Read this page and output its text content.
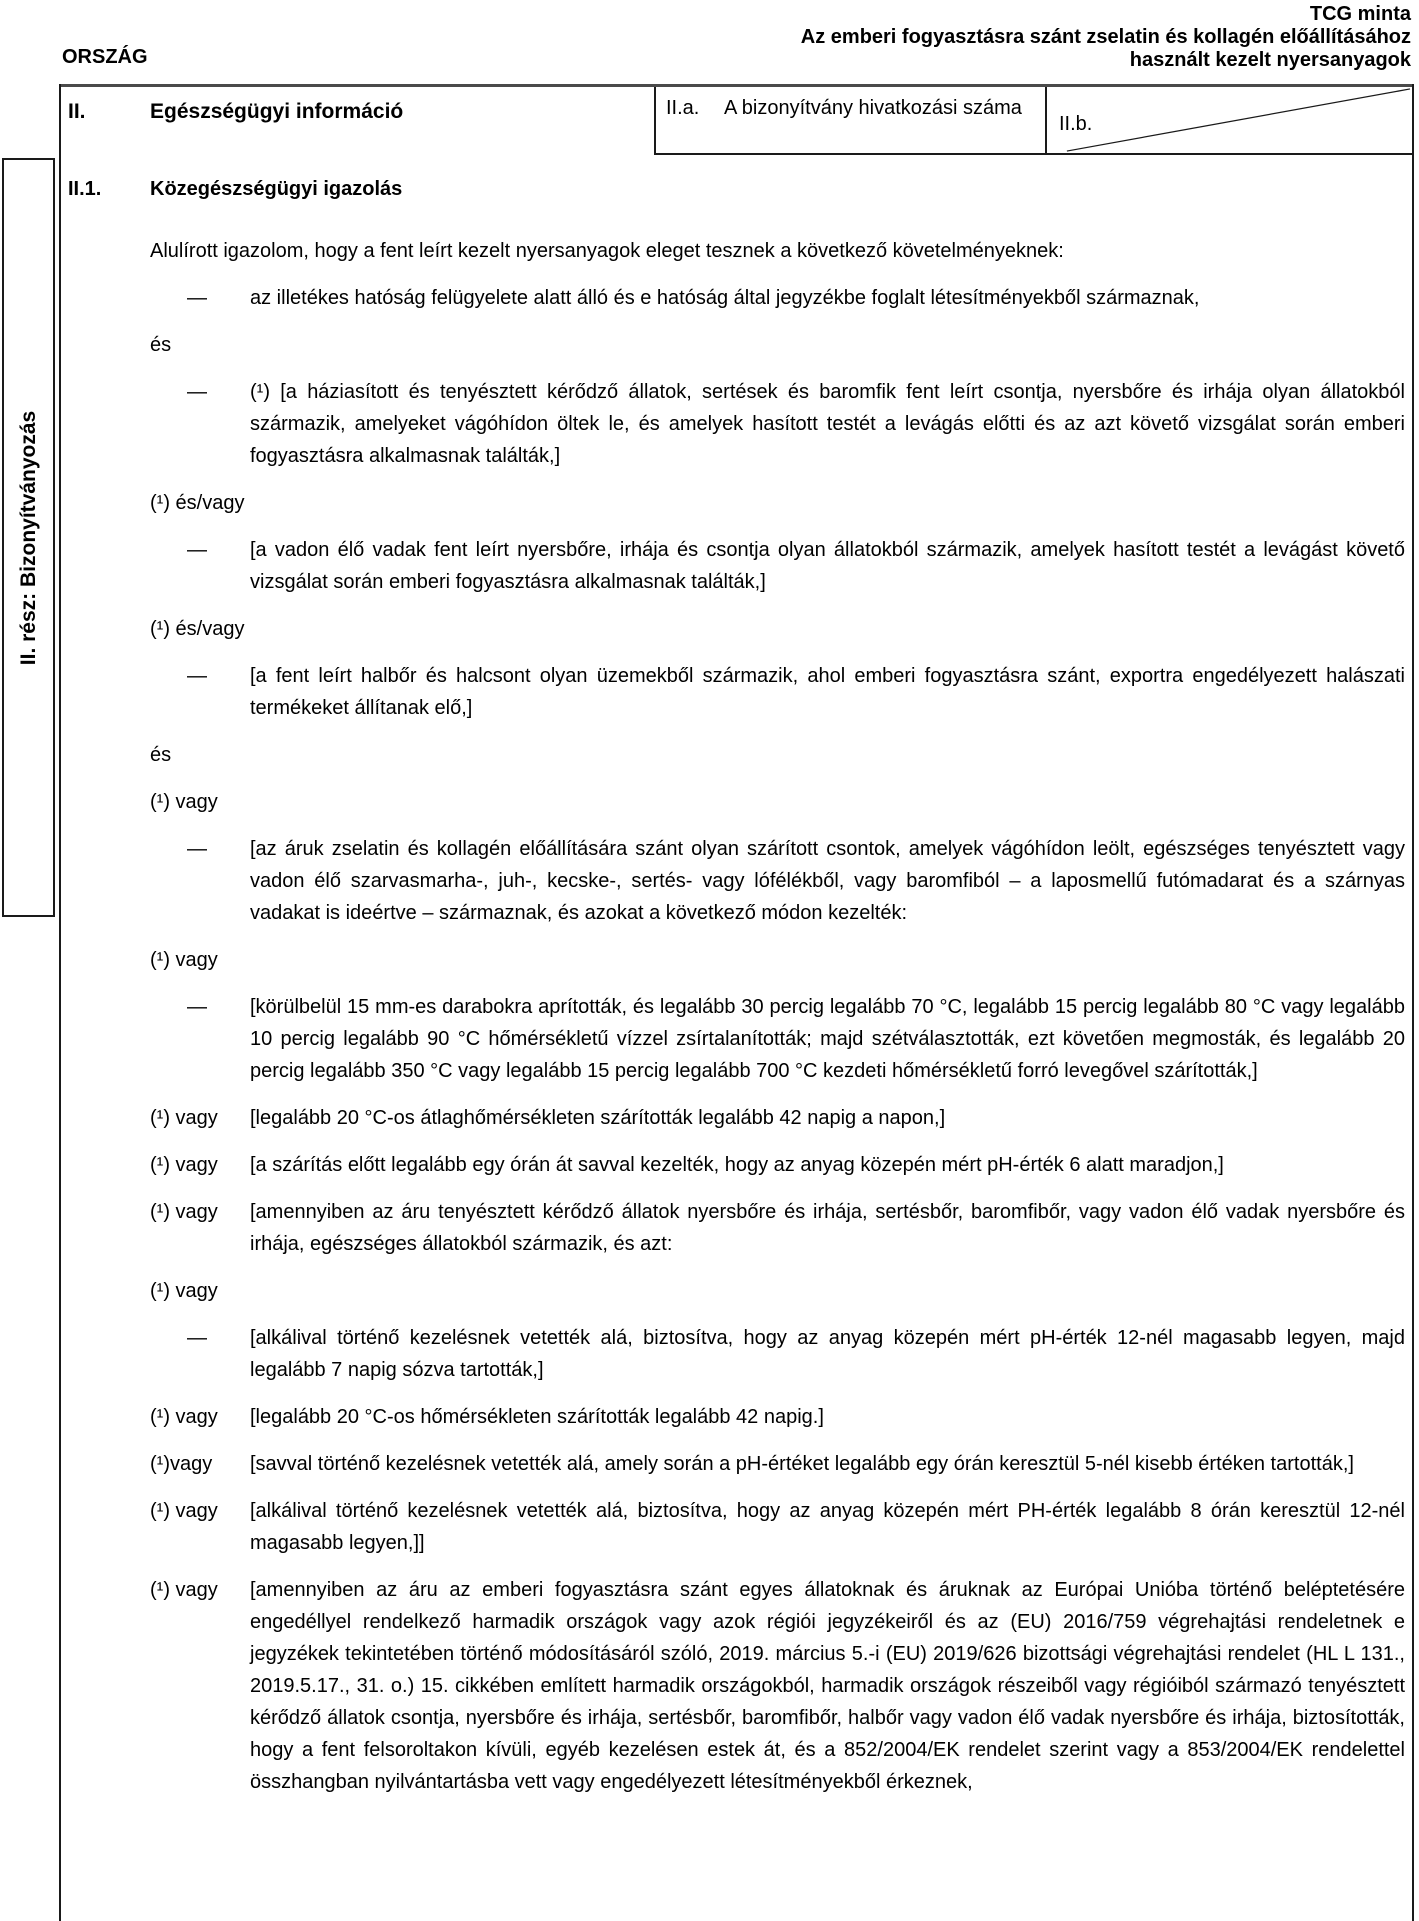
TCG minta
Az emberi fogyasztásra szánt zselatin és kollagén előállításához
használt kezelt nyersanyagok
ORSZÁG
II.	Egészségügyi információ	II.a.	A bizonyítvány hivatkozási száma
II.b.
II. rész: Bizonyítványozás
II.1.	Közegészségügyi igazolás
Alulírott igazolom, hogy a fent leírt kezelt nyersanyagok eleget tesznek a következő követelményeknek:
—	az illetékes hatóság felügyelete alatt álló és e hatóság által jegyzékbe foglalt létesítményekből származnak,
és
—	(¹) [a háziasított és tenyésztett kérődző állatok, sertések és baromfik fent leírt csontja, nyersbőre és irhája olyan állatokból származik, amelyeket vágóhídon öltek le, és amelyek hasított testét a levágás előtti és az azt követő vizsgálat során emberi fogyasztásra alkalmasnak találták,]
(¹) és/vagy
—	[a vadon élő vadak fent leírt nyersbőre, irhája és csontja olyan állatokból származik, amelyek hasított testét a levágást követő vizsgálat során emberi fogyasztásra alkalmasnak találták,]
(¹) és/vagy
—	[a fent leírt halbőr és halcsont olyan üzemekből származik, ahol emberi fogyasztásra szánt, exportra engedélyezett halászati termékeket állítanak elő,]
és
(¹) vagy
—	[az áruk zselatin és kollagén előállítására szánt olyan szárított csontok, amelyek vágóhídon leölt, egészséges tenyésztett vagy vadon élő szarvasmarha-, juh-, kecske-, sertés- vagy lófélékből, vagy baromfiból – a laposmellű futómadarat és a szárnyas vadakat is ideértve – származnak, és azokat a következő módon kezelték:
(¹) vagy
—	[körülbelül 15 mm-es darabokra aprították, és legalább 30 percig legalább 70 °C, legalább 15 percig legalább 80 °C vagy legalább 10 percig legalább 90 °C hőmérsékletű vízzel zsírtalanították; majd szétválasztották, ezt követően megmosták, és legalább 20 percig legalább 350 °C vagy legalább 15 percig legalább 700 °C kezdeti hőmérsékletű forró levegővel szárították,]
(¹) vagy	[legalább 20 °C-os átlaghőmérsékleten szárították legalább 42 napig a napon,]
(¹) vagy	[a szárítás előtt legalább egy órán át savval kezelték, hogy az anyag közepén mért pH-érték 6 alatt maradjon,]
(¹) vagy	[amennyiben az áru tenyésztett kérődző állatok nyersbőre és irhája, sertésbőr, baromfibőr, vagy vadon élő vadak nyersbőre és irhája, egészséges állatokból származik, és azt:
(¹) vagy
—	[alkálival történő kezelésnek vetették alá, biztosítva, hogy az anyag közepén mért pH-érték 12-nél magasabb legyen, majd legalább 7 napig sózva tartották,]
(¹) vagy	[legalább 20 °C-os hőmérsékleten szárították legalább 42 napig.]
(¹)vagy	[savval történő kezelésnek vetették alá, amely során a pH-értéket legalább egy órán keresztül 5-nél kisebb értéken tartották,]
(¹) vagy	[alkálival történő kezelésnek vetették alá, biztosítva, hogy az anyag közepén mért PH-érték legalább 8 órán keresztül 12-nél magasabb legyen,]]
(¹) vagy	[amennyiben az áru az emberi fogyasztásra szánt egyes állatoknak és áruknak az Európai Unióba történő beléptetésére engedéllyel rendelkező harmadik országok vagy azok régiói jegyzékeiről és az (EU) 2016/759 végrehajtási rendeletnek e jegyzékek tekintetében történő módosításáról szóló, 2019. március 5.-i (EU) 2019/626 bizottsági végrehajtási rendelet (HL L 131., 2019.5.17., 31. o.) 15. cikkében említett harmadik országokból, harmadik országok részeiből vagy régióiból származó tenyésztett kérődző állatok csontja, nyersbőre és irhája, sertésbőr, baromfibőr, halbőr vagy vadon élő vadak nyersbőre és irhája, biztosították, hogy a fent felsoroltakon kívüli, egyéb kezelésen estek át, és a 852/2004/EK rendelet szerint vagy a 853/2004/EK rendelettel összhangban nyilvántartásba vett vagy engedélyezett létesítményekből érkeznek,
